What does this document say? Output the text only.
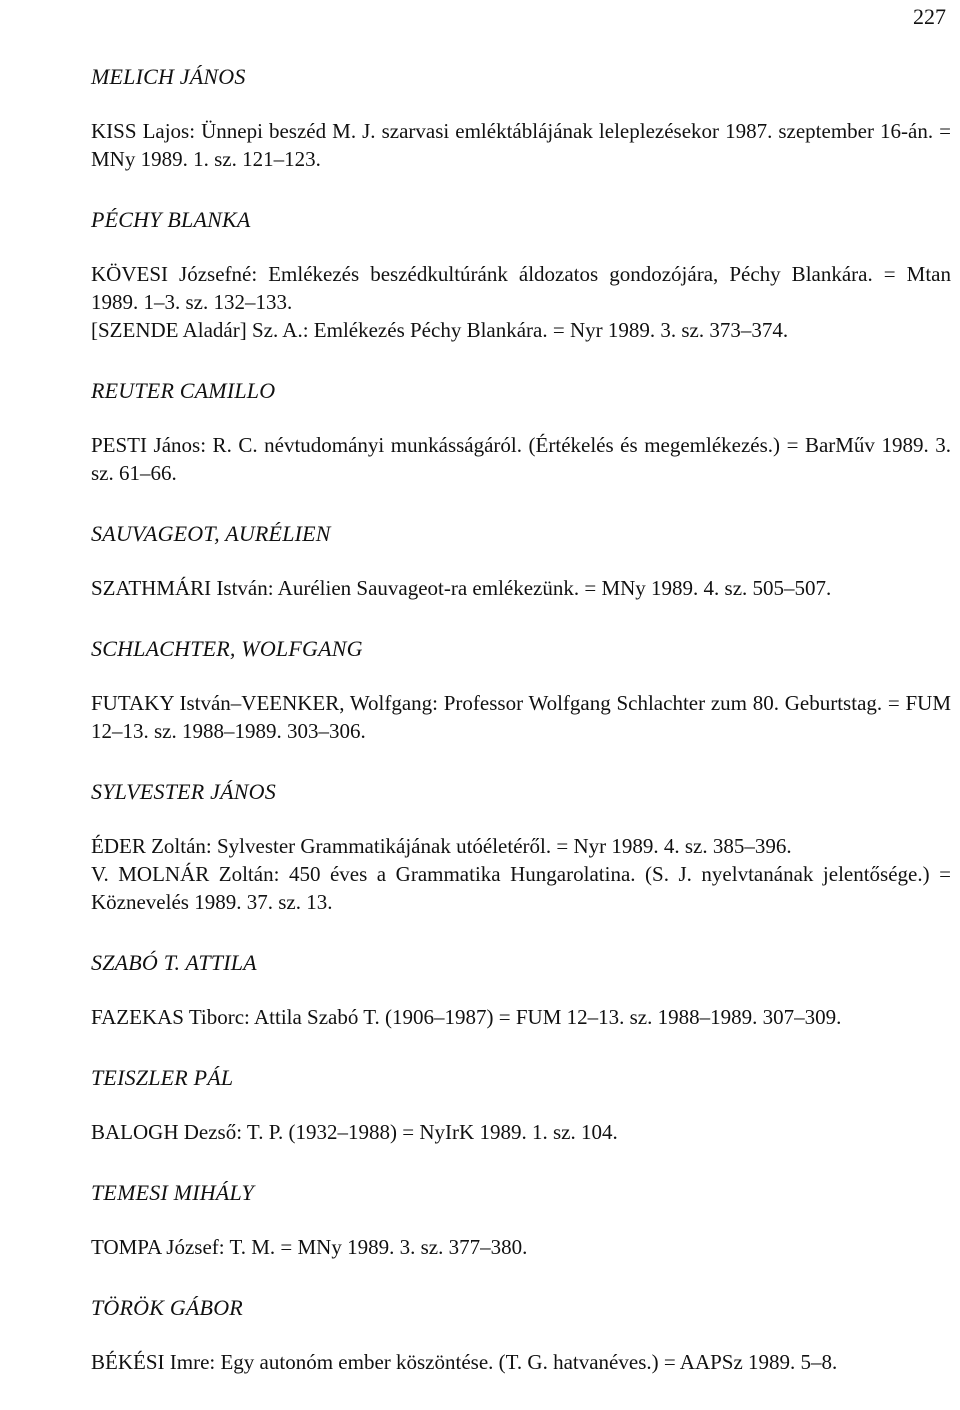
227
MELICH JÁNOS

KISS Lajos: Ünnepi beszéd M. J. szarvasi emléktáblájának leleplezésekor 1987. szeptember 16-án. = MNy 1989. 1. sz. 121–123.

PÉCHY BLANKA

KÖVESI Józsefné: Emlékezés beszédkultúránk áldozatos gondozójára, Péchy Blankára. = Mtan 1989. 1–3. sz. 132–133.

[SZENDE Aladár] Sz. A.: Emlékezés Péchy Blankára. = Nyr 1989. 3. sz. 373–374.

REUTER CAMILLO

PESTI János: R. C. névtudományi munkásságáról. (Értékelés és megemlékezés.) = BarMűv 1989. 3. sz. 61–66.

SAUVAGEOT, AURÉLIEN

SZATHMÁRI István: Aurélien Sauvageot-ra emlékezünk. = MNy 1989. 4. sz. 505–507.

SCHLACHTER, WOLFGANG

FUTAKY István–VEENKER, Wolfgang: Professor Wolfgang Schlachter zum 80. Geburtstag. = FUM 12–13. sz. 1988–1989. 303–306.

SYLVESTER JÁNOS

ÉDER Zoltán: Sylvester Grammatikájának utóéletéről. = Nyr 1989. 4. sz. 385–396.

V. MOLNÁR Zoltán: 450 éves a Grammatika Hungarolatina. (S. J. nyelvtanának jelentősége.) = Köznevelés 1989. 37. sz. 13.

SZABÓ T. ATTILA

FAZEKAS Tiborc: Attila Szabó T. (1906–1987) = FUM 12–13. sz. 1988–1989. 307–309.

TEISZLER PÁL

BALOGH Dezső: T. P. (1932–1988) = NyIrK 1989. 1. sz. 104.

TEMESI MIHÁLY

TOMPA József: T. M. = MNy 1989. 3. sz. 377–380.

TÖRÖK GÁBOR

BÉKÉSI Imre: Egy autonóm ember köszöntése. (T. G. hatvanéves.) = AAPSz 1989. 5–8.
